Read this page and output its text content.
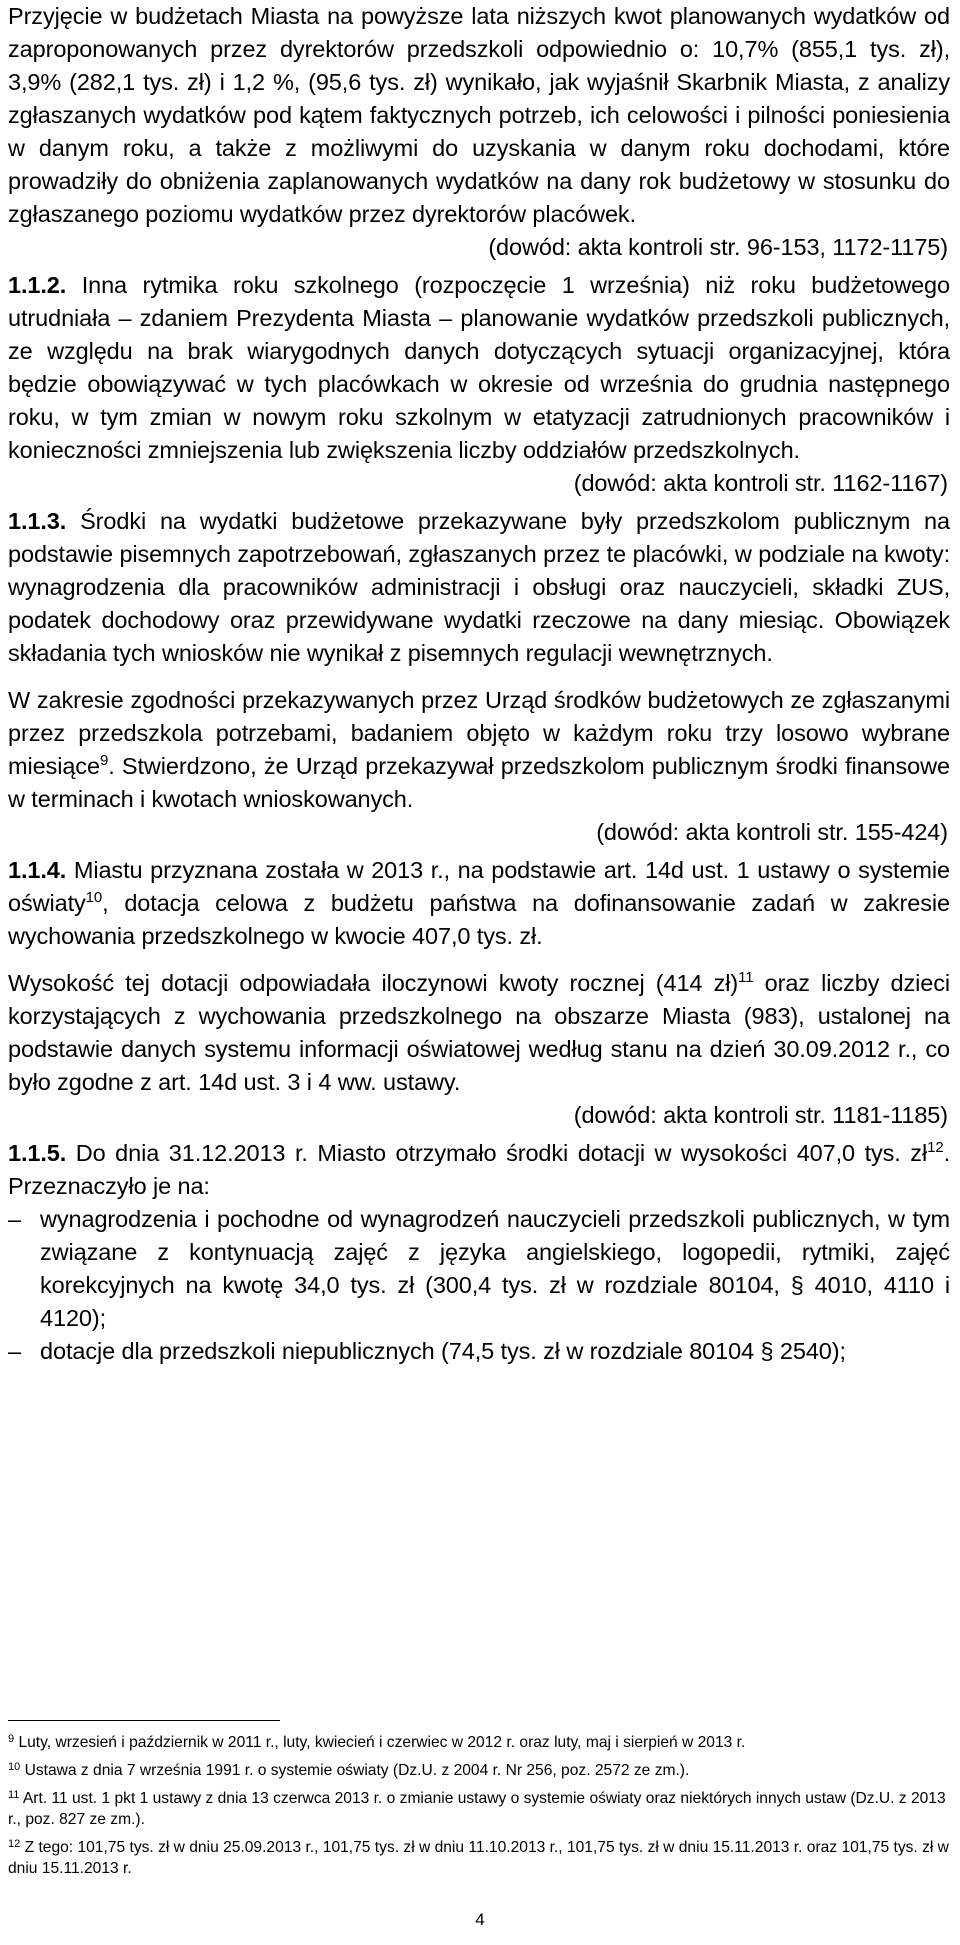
Przyjęcie w budżetach Miasta na powyższe lata niższych kwot planowanych wydatków od zaproponowanych przez dyrektorów przedszkoli odpowiednio o: 10,7% (855,1 tys. zł), 3,9% (282,1 tys. zł) i 1,2 %, (95,6 tys. zł) wynikało, jak wyjaśnił Skarbnik Miasta, z analizy zgłaszanych wydatków pod kątem faktycznych potrzeb, ich celowości i pilności poniesienia w danym roku, a także z możliwymi do uzyskania w danym roku dochodami, które prowadziły do obniżenia zaplanowanych wydatków na dany rok budżetowy w stosunku do zgłaszanego poziomu wydatków przez dyrektorów placówek.

(dowód: akta kontroli str. 96-153, 1172-1175)

1.1.2. Inna rytmika roku szkolnego (rozpoczęcie 1 września) niż roku budżetowego utrudniała – zdaniem Prezydenta Miasta – planowanie wydatków przedszkoli publicznych, ze względu na brak wiarygodnych danych dotyczących sytuacji organizacyjnej, która będzie obowiązywać w tych placówkach w okresie od września do grudnia następnego roku, w tym zmian w nowym roku szkolnym w etatyzacji zatrudnionych pracowników i konieczności zmniejszenia lub zwiększenia liczby oddziałów przedszkolnych.

(dowód: akta kontroli str. 1162-1167)

1.1.3. Środki na wydatki budżetowe przekazywane były przedszkolom publicznym na podstawie pisemnych zapotrzebowań, zgłaszanych przez te placówki, w podziale na kwoty: wynagrodzenia dla pracowników administracji i obsługi oraz nauczycieli, składki ZUS, podatek dochodowy oraz przewidywane wydatki rzeczowe na dany miesiąc. Obowiązek składania tych wniosków nie wynikał z pisemnych regulacji wewnętrznych.

W zakresie zgodności przekazywanych przez Urząd środków budżetowych ze zgłaszanymi przez przedszkola potrzebami, badaniem objęto w każdym roku trzy losowo wybrane miesiące$^9$. Stwierdzono, że Urząd przekazywał przedszkolom publicznym środki finansowe w terminach i kwotach wnioskowanych.

(dowód: akta kontroli str. 155-424)

1.1.4. Miastu przyznana została w 2013 r., na podstawie art. 14d ust. 1 ustawy o systemie oświaty$^{10}$, dotacja celowa z budżetu państwa na dofinansowanie zadań w zakresie wychowania przedszkolnego w kwocie 407,0 tys. zł.

Wysokość tej dotacji odpowiadała iloczynowi kwoty rocznej (414 zł)$^{11}$ oraz liczby dzieci korzystających z wychowania przedszkolnego na obszarze Miasta (983), ustalonej na podstawie danych systemu informacji oświatowej według stanu na dzień 30.09.2012 r., co było zgodne z art. 14d ust. 3 i 4 ww. ustawy.

(dowód: akta kontroli str. 1181-1185)

1.1.5. Do dnia 31.12.2013 r. Miasto otrzymało środki dotacji w wysokości 407,0 tys. $zł^{12}$. Przeznaczyło je na:

– wynagrodzenia i pochodne od wynagrodzeń nauczycieli przedszkoli publicznych, w tym związane z kontynuacją zajęć z języka angielskiego, logopedii, rytmiki, zajęć korekcyjnych na kwotę 34,0 tys. zł (300,4 tys. zł w rozdziale 80104, § 4010, 4110 i 4120);
– dotacje dla przedszkoli niepublicznych (74,5 tys. zł w rozdziale 80104 § 2540);

$^9$ Luty, wrzesień i październik w 2011 r., luty, kwiecień i czerwiec w 2012 r. oraz luty, maj i sierpień w 2013 r.

$^{10}$ Ustawa z dnia 7 września 1991 r. o systemie oświaty (Dz.U. z 2004 r. Nr 256, poz. 2572 ze zm.).

$^{11}$ Art. 11 ust. 1 pkt 1 ustawy z dnia 13 czerwca 2013 r. o zmianie ustawy o systemie oświaty oraz niektórych innych ustaw (Dz.U. z 2013 r., poz. 827 ze zm.).

$^{12}$ Z tego: 101,75 tys. zł w dniu 25.09.2013 r., 101,75 tys. zł w dniu 11.10.2013 r., 101,75 tys. zł w dniu 15.11.2013 r. oraz 101,75 tys. zł w dniu 15.11.2013 r.

4
